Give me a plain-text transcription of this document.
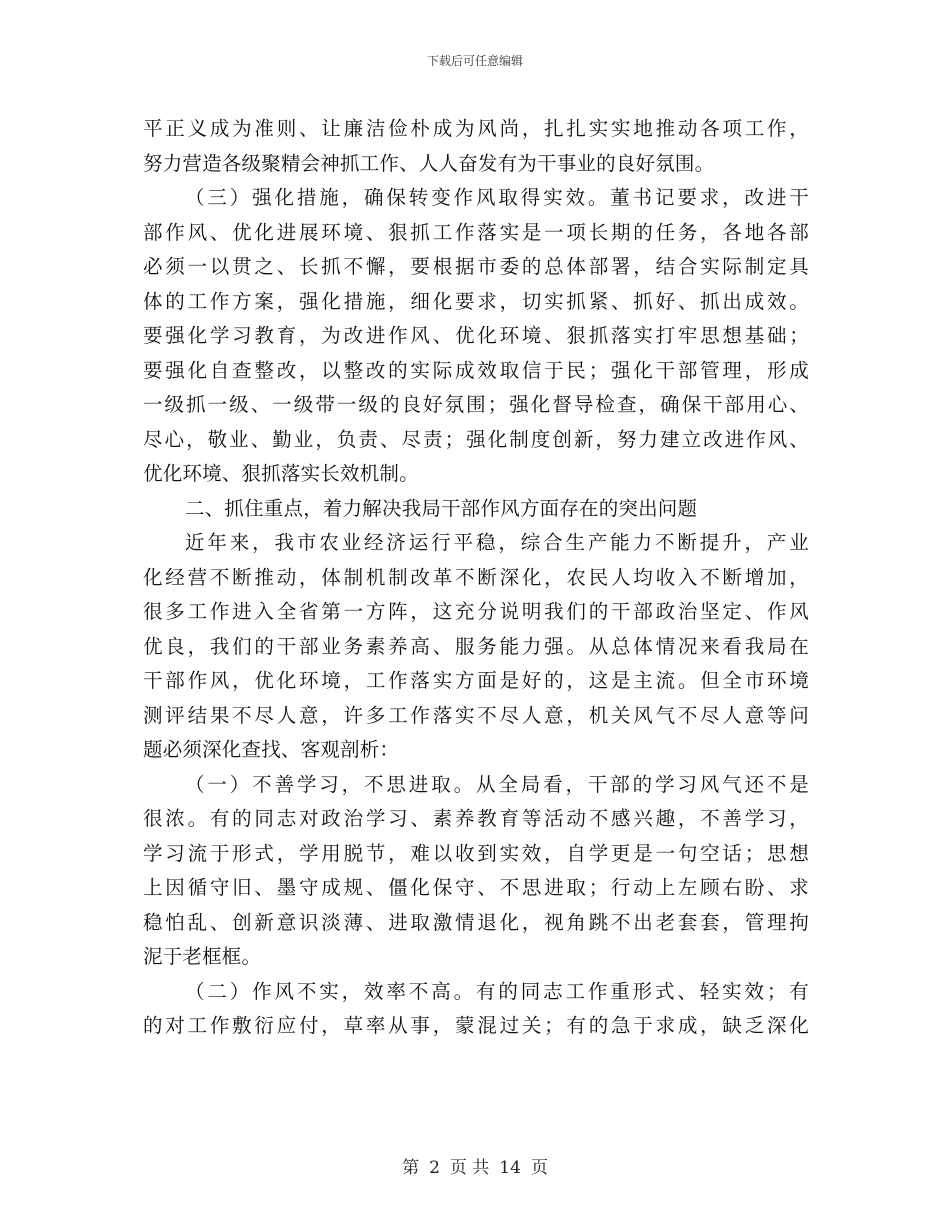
下载后可任意编辑
平正义成为准则、让廉洁俭朴成为风尚，扎扎实实地推动各项工作，
努力营造各级聚精会神抓工作、人人奋发有为干事业的良好氛围。
（三）强化措施，确保转变作风取得实效。董书记要求，改进干
部作风、优化进展环境、狠抓工作落实是一项长期的任务，各地各部
必须一以贯之、长抓不懈，要根据市委的总体部署，结合实际制定具
体的工作方案，强化措施，细化要求，切实抓紧、抓好、抓出成效。
要强化学习教育，为改进作风、优化环境、狠抓落实打牢思想基础；
要强化自查整改，以整改的实际成效取信于民；强化干部管理，形成
一级抓一级、一级带一级的良好氛围；强化督导检查，确保干部用心、
尽心，敬业、勤业，负责、尽责；强化制度创新，努力建立改进作风、
优化环境、狠抓落实长效机制。
二、抓住重点，着力解决我局干部作风方面存在的突出问题
近年来，我市农业经济运行平稳，综合生产能力不断提升，产业
化经营不断推动，体制机制改革不断深化，农民人均收入不断增加，
很多工作进入全省第一方阵，这充分说明我们的干部政治坚定、作风
优良，我们的干部业务素养高、服务能力强。从总体情况来看我局在
干部作风，优化环境，工作落实方面是好的，这是主流。但全市环境
测评结果不尽人意，许多工作落实不尽人意，机关风气不尽人意等问
题必须深化查找、客观剖析：
（一）不善学习，不思进取。从全局看，干部的学习风气还不是
很浓。有的同志对政治学习、素养教育等活动不感兴趣，不善学习，
学习流于形式，学用脱节，难以收到实效，自学更是一句空话；思想
上因循守旧、墨守成规、僵化保守、不思进取；行动上左顾右盼、求
稳怕乱、创新意识淡薄、进取激情退化，视角跳不出老套套，管理拘
泥于老框框。
（二）作风不实，效率不高。有的同志工作重形式、轻实效；有
的对工作敷衍应付，草率从事，蒙混过关；有的急于求成，缺乏深化
第 2 页 共 14 页
